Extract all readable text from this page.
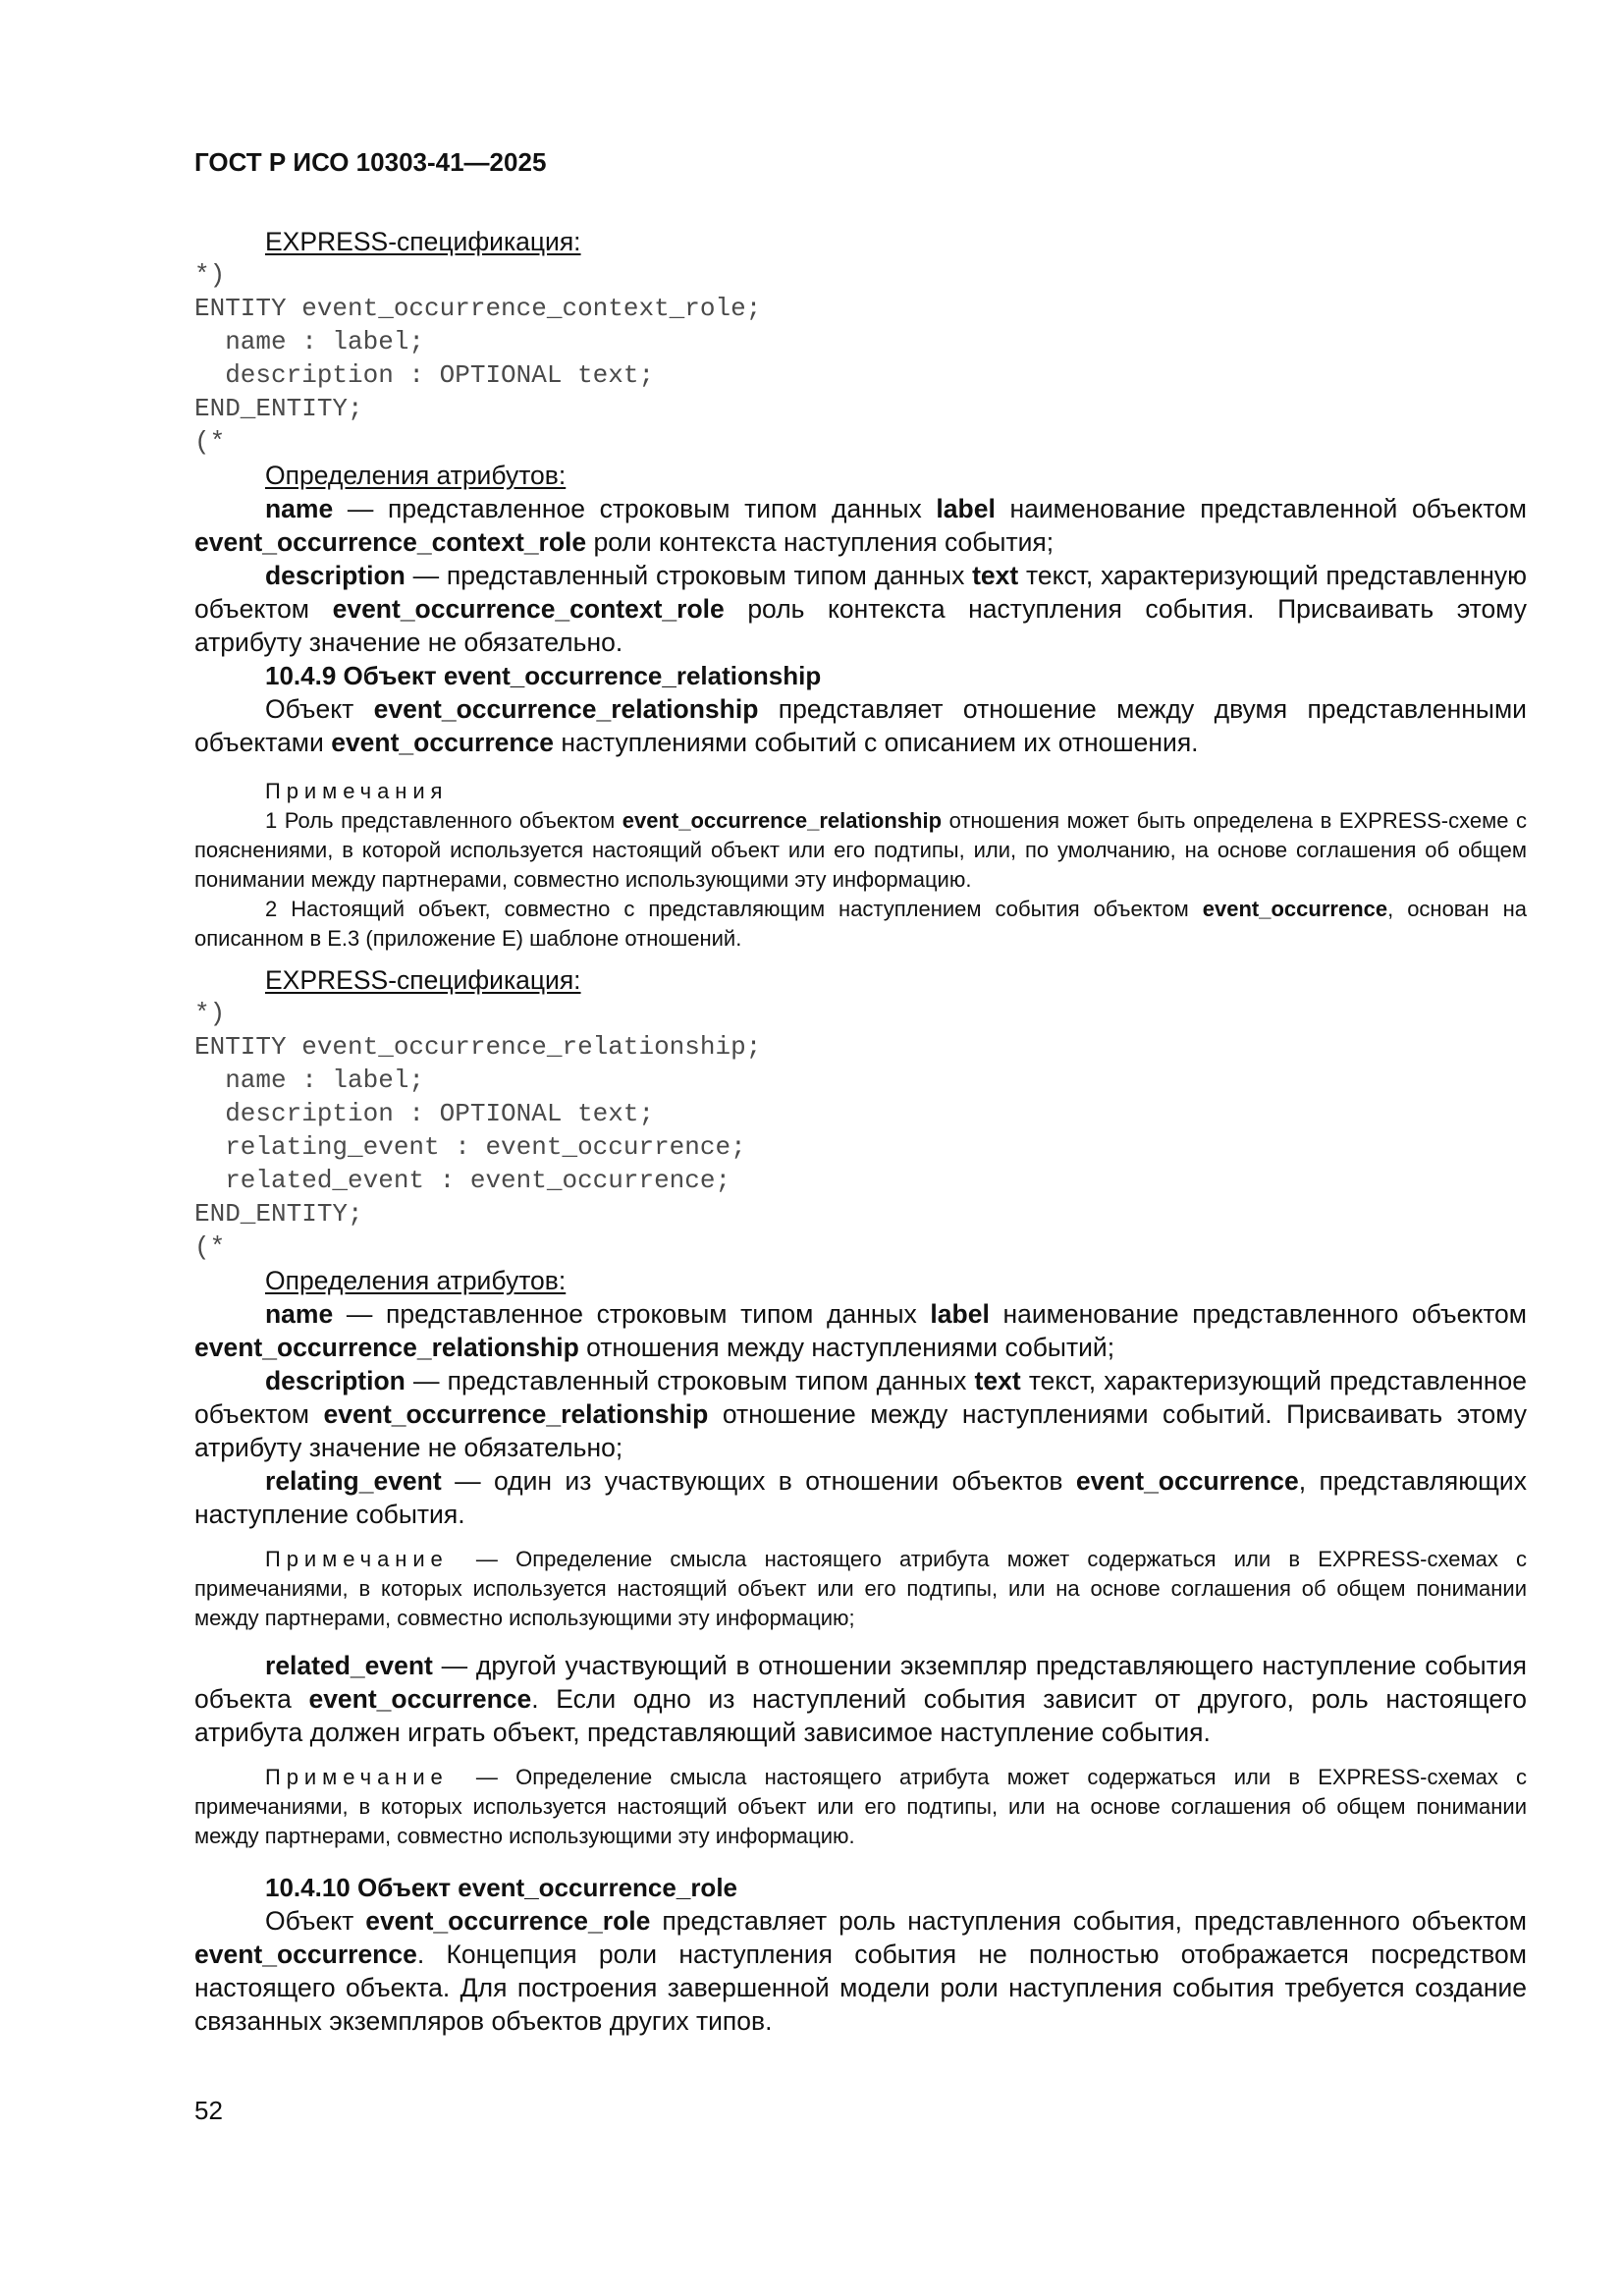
ГОСТ Р ИСО 10303-41—2025

EXPRESS-спецификация:

*)
ENTITY event_occurrence_context_role;
name : label;
description : OPTIONAL text;
END_ENTITY;
(*

Определения атрибутов:

name — представленное строковым типом данных label наименование представленной объектом event_occurrence_context_role роли контекста наступления события;

description — представленный строковым типом данных text текст, характеризующий представленную объектом event_occurrence_context_role роль контекста наступления события. Присваивать этому атрибуту значение не обязательно.

10.4.9 Объект event_occurrence_relationship

Объект event_occurrence_relationship представляет отношение между двумя представленными объектами event_occurrence наступлениями событий с описанием их отношения.

Примечания

1 Роль представленного объектом event_occurrence_relationship отношения может быть определена в EXPRESS-схеме с пояснениями, в которой используется настоящий объект или его подтипы, или, по умолчанию, на основе соглашения об общем понимании между партнерами, совместно использующими эту информацию.

2 Настоящий объект, совместно с представляющим наступлением события объектом event_occurrence, основан на описанном в E.3 (приложение E) шаблоне отношений.

EXPRESS-спецификация:

*)
ENTITY event_occurrence_relationship;
name : label;
description : OPTIONAL text;
relating_event : event_occurrence;
related_event : event_occurrence;
END_ENTITY;
(*

Определения атрибутов:

name — представленное строковым типом данных label наименование представленного объектом event_occurrence_relationship отношения между наступлениями событий;

description — представленный строковым типом данных text текст, характеризующий представленное объектом event_occurrence_relationship отношение между наступлениями событий. Присваивать этому атрибуту значение не обязательно;

relating_event — один из участвующих в отношении объектов event_occurrence, представляющих наступление события.

Примечание — Определение смысла настоящего атрибута может содержаться или в EXPRESS-схемах с примечаниями, в которых используется настоящий объект или его подтипы, или на основе соглашения об общем понимании между партнерами, совместно использующими эту информацию;

related_event — другой участвующий в отношении экземпляр представляющего наступление события объекта event_occurrence. Если одно из наступлений события зависит от другого, роль настоящего атрибута должен играть объект, представляющий зависимое наступление события.

Примечание — Определение смысла настоящего атрибута может содержаться или в EXPRESS-схемах с примечаниями, в которых используется настоящий объект или его подтипы, или на основе соглашения об общем понимании между партнерами, совместно использующими эту информацию.

10.4.10 Объект event_occurrence_role

Объект event_occurrence_role представляет роль наступления события, представленного объектом event_occurrence. Концепция роли наступления события не полностью отображается посредством настоящего объекта. Для построения завершенной модели роли наступления события требуется создание связанных экземпляров объектов других типов.

52
